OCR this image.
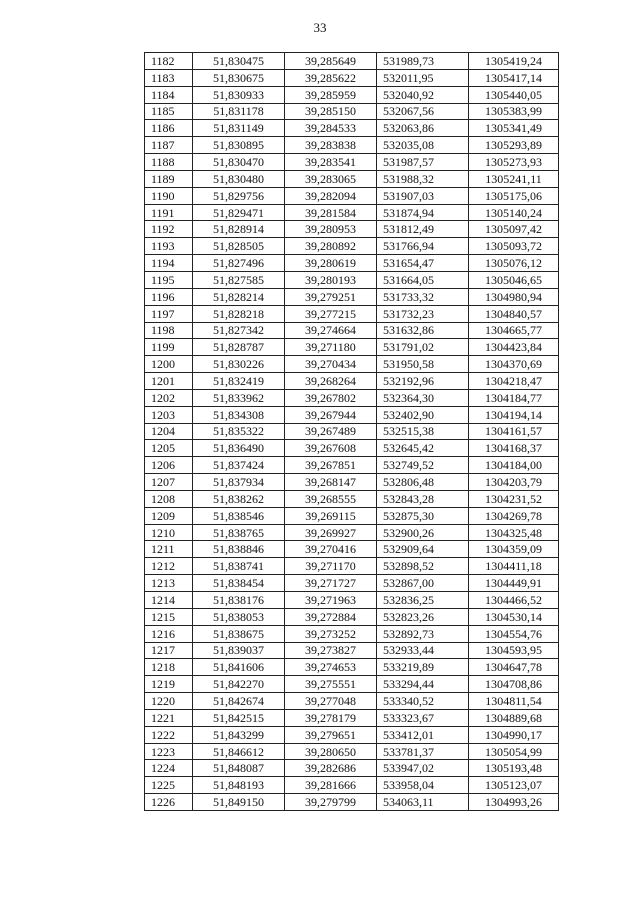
33
1182	51,830475	39,285649	531989,73	1305419,24
1183	51,830675	39,285622	532011,95	1305417,14
1184	51,830933	39,285959	532040,92	1305440,05
1185	51,831178	39,285150	532067,56	1305383,99
1186	51,831149	39,284533	532063,86	1305341,49
1187	51,830895	39,283838	532035,08	1305293,89
1188	51,830470	39,283541	531987,57	1305273,93
1189	51,830480	39,283065	531988,32	1305241,11
1190	51,829756	39,282094	531907,03	1305175,06
1191	51,829471	39,281584	531874,94	1305140,24
1192	51,828914	39,280953	531812,49	1305097,42
1193	51,828505	39,280892	531766,94	1305093,72
1194	51,827496	39,280619	531654,47	1305076,12
1195	51,827585	39,280193	531664,05	1305046,65
1196	51,828214	39,279251	531733,32	1304980,94
1197	51,828218	39,277215	531732,23	1304840,57
1198	51,827342	39,274664	531632,86	1304665,77
1199	51,828787	39,271180	531791,02	1304423,84
1200	51,830226	39,270434	531950,58	1304370,69
1201	51,832419	39,268264	532192,96	1304218,47
1202	51,833962	39,267802	532364,30	1304184,77
1203	51,834308	39,267944	532402,90	1304194,14
1204	51,835322	39,267489	532515,38	1304161,57
1205	51,836490	39,267608	532645,42	1304168,37
1206	51,837424	39,267851	532749,52	1304184,00
1207	51,837934	39,268147	532806,48	1304203,79
1208	51,838262	39,268555	532843,28	1304231,52
1209	51,838546	39,269115	532875,30	1304269,78
1210	51,838765	39,269927	532900,26	1304325,48
1211	51,838846	39,270416	532909,64	1304359,09
1212	51,838741	39,271170	532898,52	1304411,18
1213	51,838454	39,271727	532867,00	1304449,91
1214	51,838176	39,271963	532836,25	1304466,52
1215	51,838053	39,272884	532823,26	1304530,14
1216	51,838675	39,273252	532892,73	1304554,76
1217	51,839037	39,273827	532933,44	1304593,95
1218	51,841606	39,274653	533219,89	1304647,78
1219	51,842270	39,275551	533294,44	1304708,86
1220	51,842674	39,277048	533340,52	1304811,54
1221	51,842515	39,278179	533323,67	1304889,68
1222	51,843299	39,279651	533412,01	1304990,17
1223	51,846612	39,280650	533781,37	1305054,99
1224	51,848087	39,282686	533947,02	1305193,48
1225	51,848193	39,281666	533958,04	1305123,07
1226	51,849150	39,279799	534063,11	1304993,26
